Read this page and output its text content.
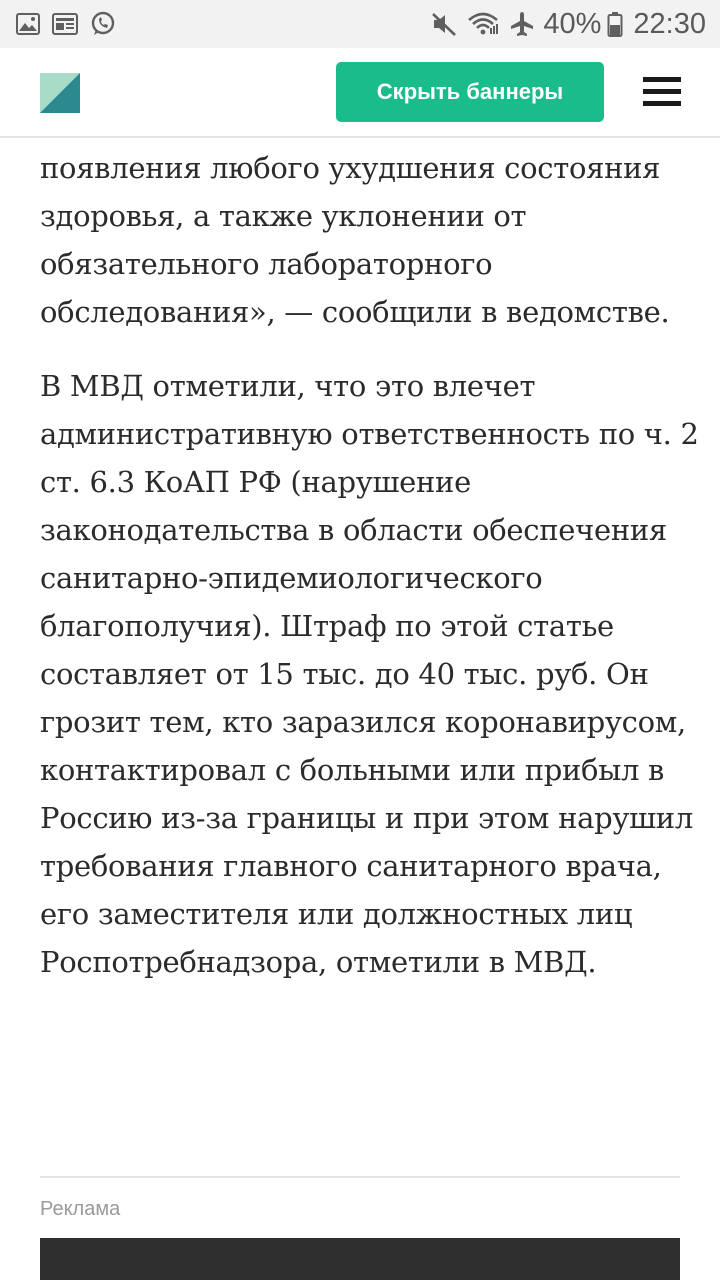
40% 22:30

появления любого ухудшения состояния здоровья, а также уклонении от обязательного лабораторного обследования», — сообщили в ведомстве.

В МВД отметили, что это влечет административную ответственность по ч. 2 ст. 6.3 КоАП РФ (нарушение законодательства в области обеспечения санитарно-эпидемиологического благополучия). Штраф по этой статье составляет от 15 тыс. до 40 тыс. руб. Он грозит тем, кто заразился коронавирусом, контактировал с больными или прибыл в Россию из-за границы и при этом нарушил требования главного санитарного врача, его заместителя или должностных лиц Роспотребнадзора, отметили в МВД.

Скрыть баннеры
Реклама
